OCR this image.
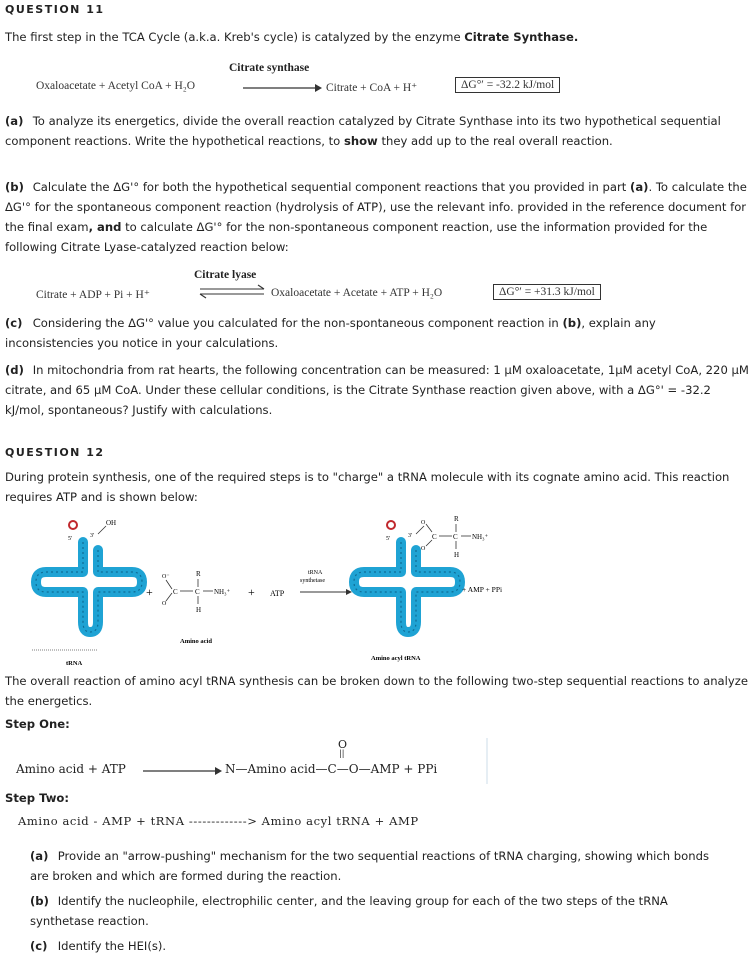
QUESTION 11
The first step in the TCA Cycle (a.k.a. Kreb's cycle) is catalyzed by the enzyme Citrate Synthase.
Citrate synthase
Oxaloacetate + Acetyl CoA + H₂O	Citrate + CoA + H⁺	ΔG°′ = -32.2 kJ/mol
(a) To analyze its energetics, divide the overall reaction catalyzed by Citrate Synthase into its two hypothetical sequential component reactions. Write the hypothetical reactions, to show they add up to the real overall reaction.
(b) Calculate the ΔG'° for both the hypothetical sequential component reactions that you provided in part (a). To calculate the ΔG'° for the spontaneous component reaction (hydrolysis of ATP), use the relevant info. provided in the reference document for the final exam, and to calculate ΔG'° for the non-spontaneous component reaction, use the information provided for the following Citrate Lyase-catalyzed reaction below:
Citrate lyase
Citrate + ADP + Pi + H⁺	Oxaloacetate + Acetate + ATP + H₂O	ΔG°′ = +31.3 kJ/mol
(c) Considering the ΔG'° value you calculated for the non-spontaneous component reaction in (b), explain any inconsistencies you notice in your calculations.
(d) In mitochondria from rat hearts, the following concentration can be measured: 1 μM oxaloacetate, 1μM acetyl CoA, 220 μM citrate, and 65 μM CoA. Under these cellular conditions, is the Citrate Synthase reaction given above, with a ΔG°' = -32.2 kJ/mol, spontaneous? Justify with calculations.
QUESTION 12
During protein synthesis, one of the required steps is to "charge" a tRNA molecule with its cognate amino acid. This reaction requires ATP and is shown below:
5'	3'
OH
tRNA
+
O⁻
O
C C
R
H
NH₃⁺
Amino acid
+ ATP
tRNA
synthetase
5'	3'
O
C
O
C
R
H
NH₃⁺
+ AMP + PPi
Amino acyl tRNA
The overall reaction of amino acyl tRNA synthesis can be broken down to the following two-step sequential reactions to analyze the energetics.
Step One:
Amino acid + ATP	N—Amino acid—C—O—AMP + PPi
O
||
Step Two:
Amino acid - AMP + tRNA -------------> Amino acyl tRNA + AMP
(a) Provide an "arrow-pushing" mechanism for the two sequential reactions of tRNA charging, showing which bonds are broken and which are formed during the reaction.
(b) Identify the nucleophile, electrophilic center, and the leaving group for each of the two steps of the tRNA synthetase reaction.
(c) Identify the HEI(s).
